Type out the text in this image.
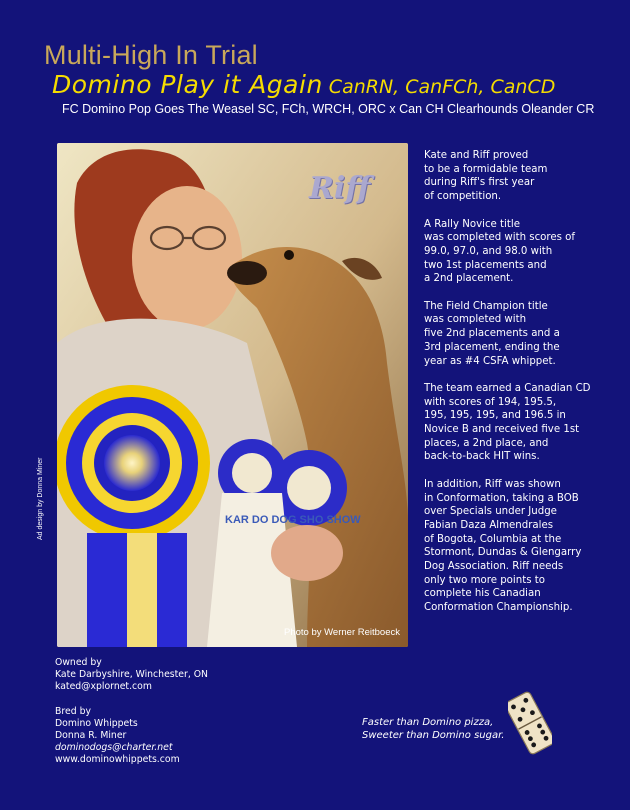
Multi-High In Trial
Domino Play it Again CanRN, CanFCh, CanCD
FC Domino Pop Goes The Weasel SC, FCh, WRCH, ORC x Can CH Clearhounds Oleander CR
Ad design by Donna Miner	KAR DO DOG SHO SHOW
Riff
Photo by Werner Reitboeck

Kate and Riff proved
to be a formidable team
during Riff's first year
of competition.

A Rally Novice title
was completed with scores of
99.0, 97.0, and 98.0 with
two 1st placements and
a 2nd placement.

The Field Champion title
was completed with
five 2nd placements and a
3rd placement, ending the
year as #4 CSFA whippet.

The team earned a Canadian CD
with scores of 194, 195.5,
195, 195, 195, and 196.5 in
Novice B and received five 1st
places, a 2nd place, and
back-to-back HIT wins.

In addition, Riff was shown
in Conformation, taking a BOB
over Specials under Judge
Fabian Daza Almendrales
of Bogota, Columbia at the
Stormont, Dundas & Glengarry
Dog Association. Riff needs
only two more points to
complete his Canadian
Conformation Championship.

Owned by
Kate Darbyshire, Winchester, ON
kated@xplornet.com
Bred by
Domino Whippets
Donna R. Miner
dominodogs@charter.net
www.dominowhippets.com
Faster than Domino pizza,
Sweeter than Domino sugar.
